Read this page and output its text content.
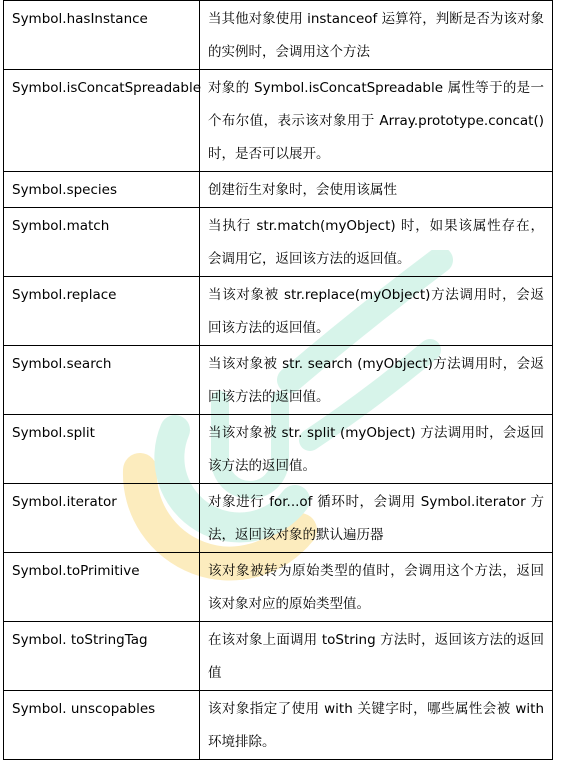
Symbol.hasInstance	当其他对象使用 instanceof 运算符，判断是否为该对象的实例时，会调用这个方法
Symbol.isConcatSpreadable	对象的 Symbol.isConcatSpreadable 属性等于的是一个布尔值，表示该对象用于 Array.prototype.concat()时，是否可以展开。
Symbol.species	创建衍生对象时，会使用该属性
Symbol.match	当执行 str.match(myObject) 时，如果该属性存在，会调用它，返回该方法的返回值。
Symbol.replace	当该对象被 str.replace(myObject)方法调用时，会返回该方法的返回值。
Symbol.search	当该对象被 str. search (myObject)方法调用时，会返回该方法的返回值。
Symbol.split	当该对象被 str. split (myObject) 方法调用时，会返回该方法的返回值。
Symbol.iterator	对象进行 for...of 循环时，会调用 Symbol.iterator 方法，返回该对象的默认遍历器
Symbol.toPrimitive	该对象被转为原始类型的值时，会调用这个方法，返回该对象对应的原始类型值。
Symbol. toStringTag	在该对象上面调用 toString 方法时，返回该方法的返回值
Symbol. unscopables	该对象指定了使用 with 关键字时，哪些属性会被 with 环境排除。
